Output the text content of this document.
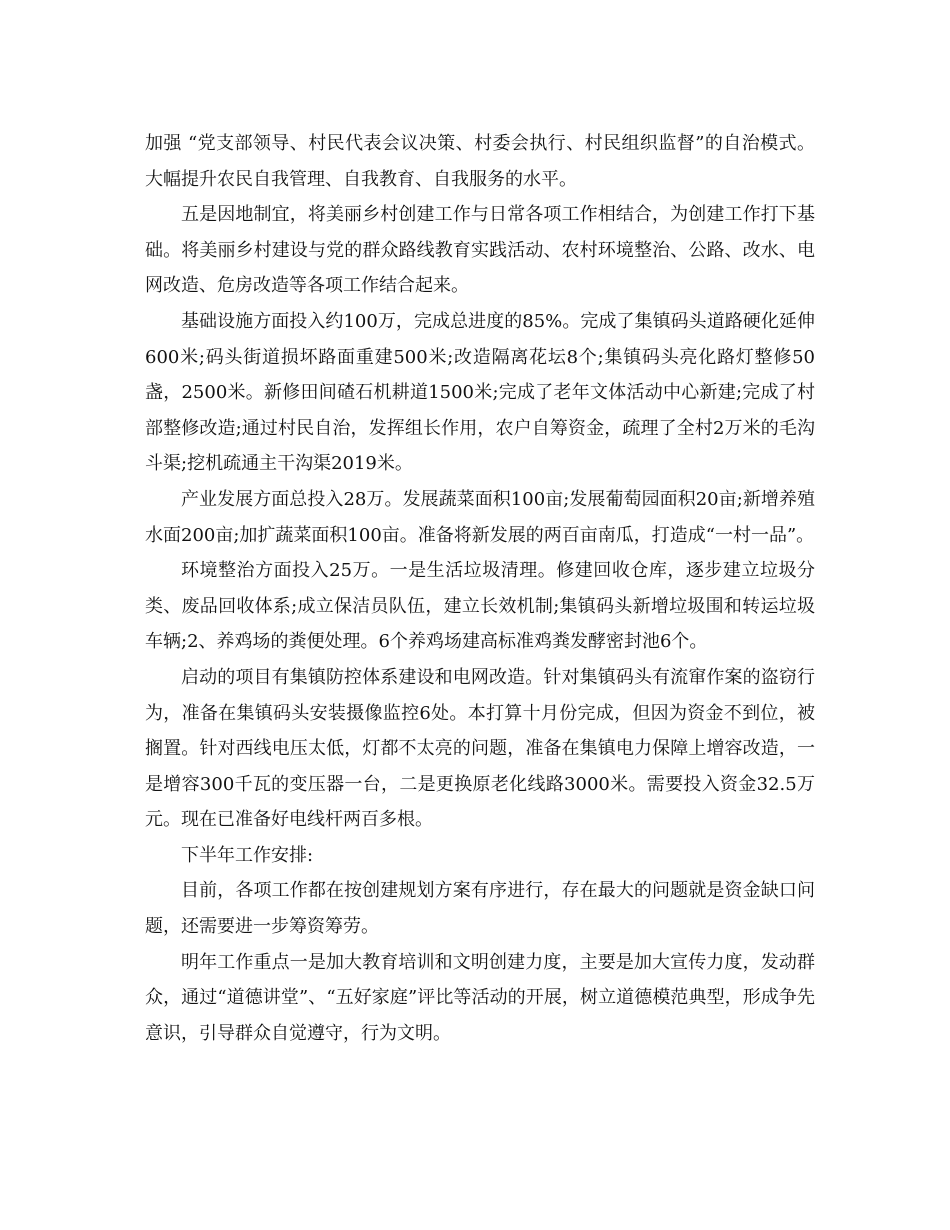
加强 “党支部领导、村民代表会议决策、村委会执行、村民组织监督”的自治模式。大幅提升农民自我管理、自我教育、自我服务的水平。

五是因地制宜，将美丽乡村创建工作与日常各项工作相结合，为创建工作打下基础。将美丽乡村建设与党的群众路线教育实践活动、农村环境整治、公路、改水、电网改造、危房改造等各项工作结合起来。

基础设施方面投入约100万，完成总进度的85%。完成了集镇码头道路硬化延伸600米;码头街道损坏路面重建500米;改造隔离花坛8个;集镇码头亮化路灯整修50盏，2500米。新修田间碴石机耕道1500米;完成了老年文体活动中心新建;完成了村部整修改造;通过村民自治，发挥组长作用，农户自筹资金，疏理了全村2万米的毛沟斗渠;挖机疏通主干沟渠2019米。

产业发展方面总投入28万。发展蔬菜面积100亩;发展葡萄园面积20亩;新增养殖水面200亩;加扩蔬菜面积100亩。准备将新发展的两百亩南瓜，打造成“一村一品”。

环境整治方面投入25万。一是生活垃圾清理。修建回收仓库，逐步建立垃圾分类、废品回收体系;成立保洁员队伍，建立长效机制;集镇码头新增垃圾围和转运垃圾车辆;2、养鸡场的粪便处理。6个养鸡场建高标准鸡粪发酵密封池6个。

启动的项目有集镇防控体系建设和电网改造。针对集镇码头有流窜作案的盗窃行为，准备在集镇码头安装摄像监控6处。本打算十月份完成，但因为资金不到位，被搁置。针对西线电压太低，灯都不太亮的问题，准备在集镇电力保障上增容改造，一是增容300千瓦的变压器一台，二是更换原老化线路3000米。需要投入资金32.5万元。现在已准备好电线杆两百多根。

下半年工作安排:

目前，各项工作都在按创建规划方案有序进行，存在最大的问题就是资金缺口问题，还需要进一步筹资筹劳。

明年工作重点一是加大教育培训和文明创建力度，主要是加大宣传力度，发动群众，通过“道德讲堂”、“五好家庭”评比等活动的开展，树立道德模范典型，形成争先意识，引导群众自觉遵守，行为文明。
